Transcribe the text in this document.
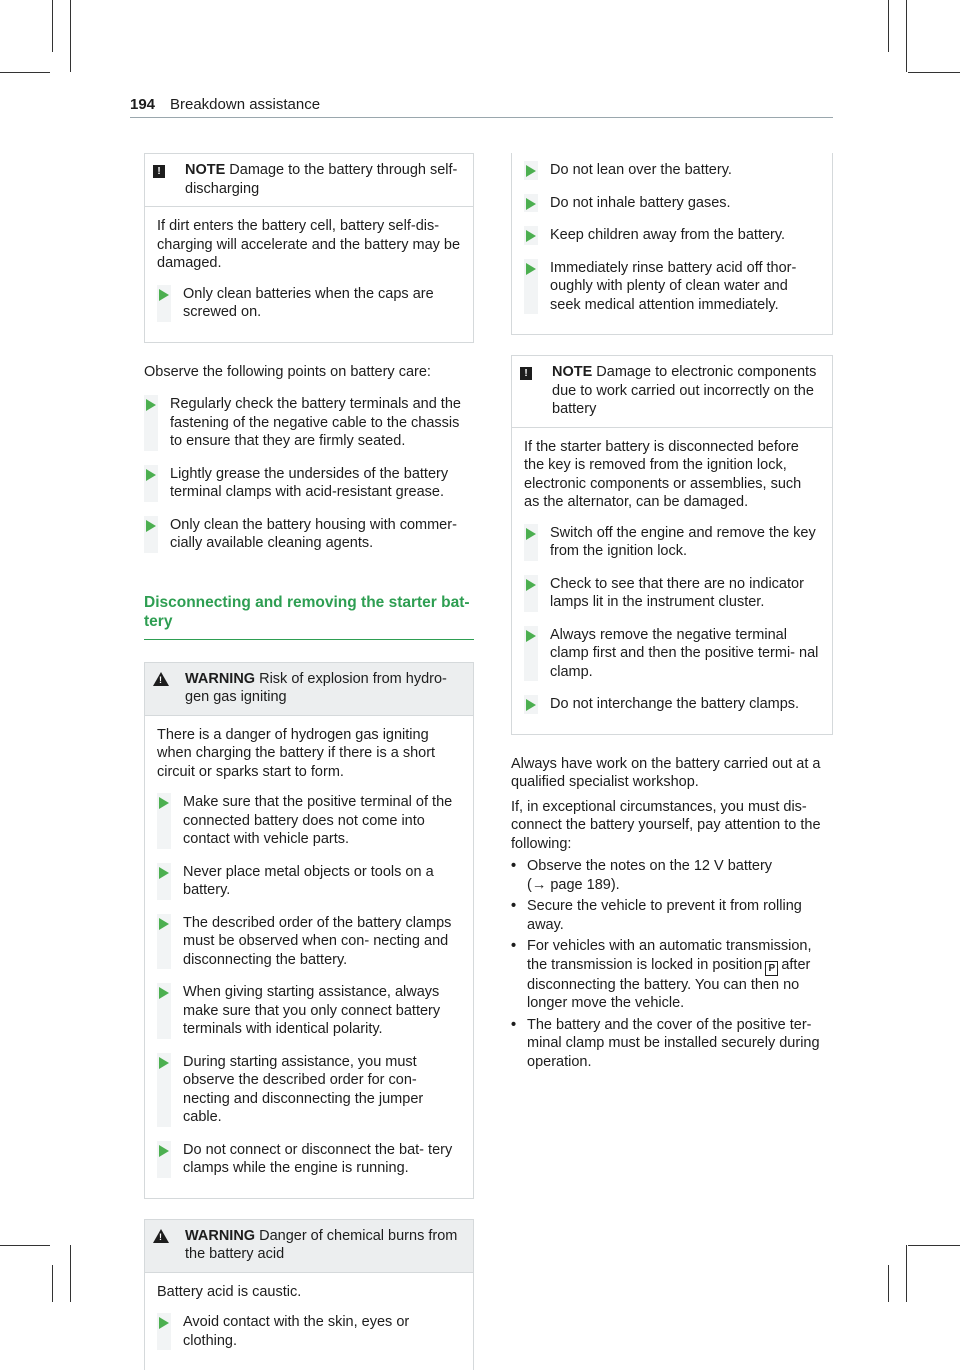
194 Breakdown assistance
!	NOTE Damage to the battery through self-discharging

If dirt enters the battery cell, battery self-dis- charging will accelerate and the battery may be damaged.

Only clean batteries when the caps are screwed on.

Observe the following points on battery care:

Regularly check the battery terminals and the fastening of the negative cable to the chassis to ensure that they are firmly seated.
Lightly grease the undersides of the battery terminal clamps with acid-resistant grease.
Only clean the battery housing with commer- cially available cleaning agents.
Disconnecting and removing the starter bat- tery
! WARNING Risk of explosion from hydro- gen gas igniting

There is a danger of hydrogen gas igniting when charging the battery if there is a short circuit or sparks start to form.

Make sure that the positive terminal of the connected battery does not come into contact with vehicle parts.
Never place metal objects or tools on a battery.
The described order of the battery clamps must be observed when con- necting and disconnecting the battery.
When giving starting assistance, always make sure that you only connect battery terminals with identical polarity.
During starting assistance, you must observe the described order for con- necting and disconnecting the jumper cable.
Do not connect or disconnect the bat- tery clamps while the engine is running.
! WARNING Danger of chemical burns from the battery acid

Battery acid is caustic.

Avoid contact with the skin, eyes or clothing.
Do not lean over the battery.
Do not inhale battery gases.
Keep children away from the battery.
Immediately rinse battery acid off thor- oughly with plenty of clean water and seek medical attention immediately.
!	NOTE Damage to electronic components due to work carried out incorrectly on the battery

If the starter battery is disconnected before the key is removed from the ignition lock, electronic components or assemblies, such as the alternator, can be damaged.

Switch off the engine and remove the key from the ignition lock.
Check to see that there are no indicator lamps lit in the instrument cluster.
Always remove the negative terminal clamp first and then the positive termi- nal clamp.
Do not interchange the battery clamps.

Always have work on the battery carried out at a qualified specialist workshop.

If, in exceptional circumstances, you must dis- connect the battery yourself, pay attention to the following:

• Observe the notes on the 12 V battery
(→ page 189).
• Secure the vehicle to prevent it from rolling away.
• For vehicles with an automatic transmission, the transmission is locked in position P after disconnecting the battery. You can then no longer move the vehicle.
• The battery and the cover of the positive ter- minal clamp must be installed securely during operation.
